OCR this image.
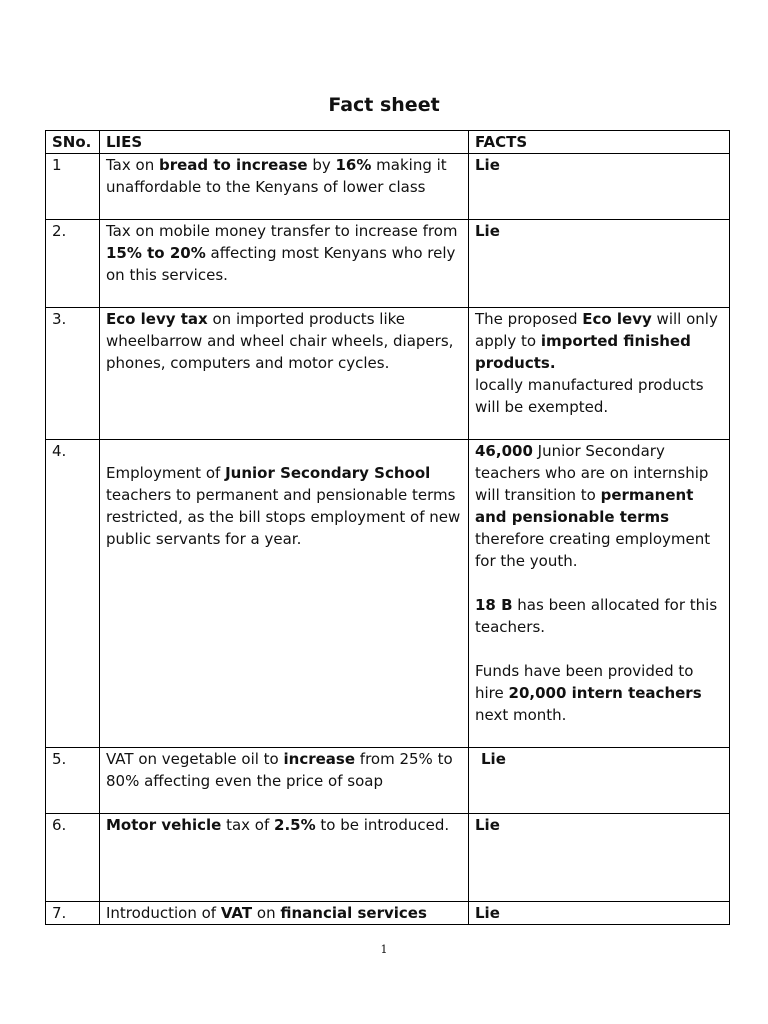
Fact sheet
SNo.	LIES	FACTS
1	Tax on bread to increase by 16% making it unaffordable to the Kenyans of lower class	Lie
2.	Tax on mobile money transfer to increase from 15% to 20% affecting most Kenyans who rely on this services.	Lie
3.	Eco levy tax on imported products like wheelbarrow and wheel chair wheels, diapers, phones, computers and motor cycles.	The proposed Eco levy will only apply to imported finished products.
locally manufactured products will be exempted.
4.	Employment of Junior Secondary School teachers to permanent and pensionable terms restricted, as the bill stops employment of new public servants for a year.	46,000 Junior Secondary teachers who are on internship will transition to permanent and pensionable terms therefore creating employment for the youth.
18 B has been allocated for this teachers.
Funds have been provided to hire 20,000 intern teachers next month.
5.	VAT on vegetable oil to increase from 25% to 80% affecting even the price of soap	Lie
6.	Motor vehicle tax of 2.5% to be introduced.	Lie
7.	Introduction of VAT on financial services	Lie
1
